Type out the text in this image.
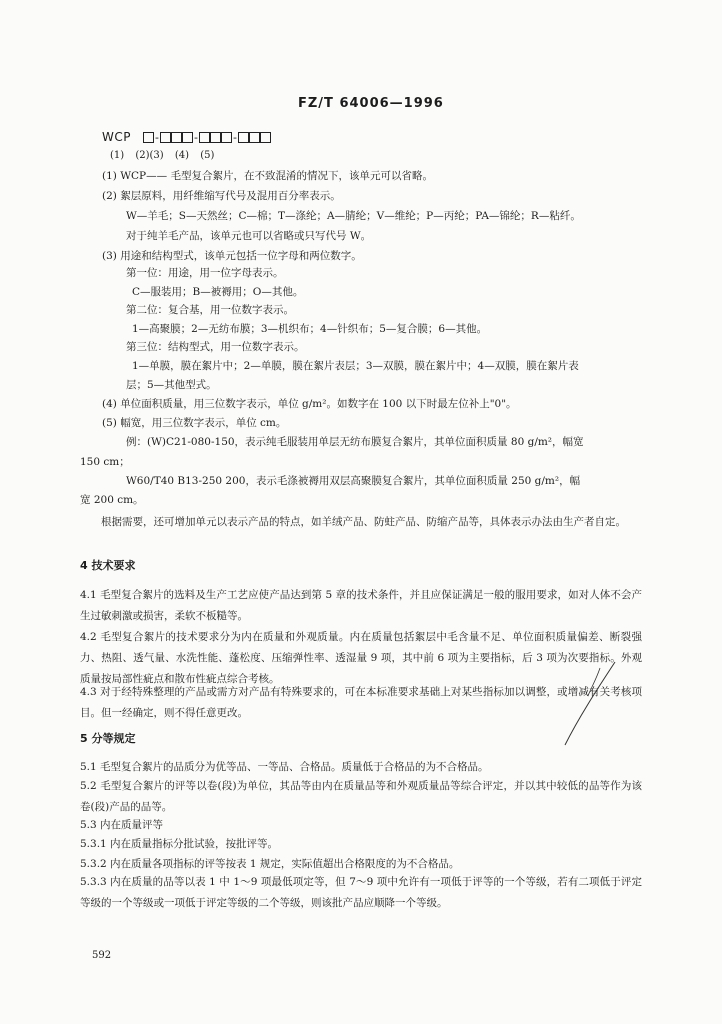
FZ/T 64006—1996
WCP -	-	-
(1) (2)(3) (4) (5)
(1) WCP—— 毛型复合絮片，在不致混淆的情况下，该单元可以省略。
(2) 絮层原料，用纤维缩写代号及混用百分率表示。
W—羊毛；S—天然丝；C—棉；T—涤纶；A—腈纶；V—维纶；P—丙纶；PA—锦纶；R—粘纤。
对于纯羊毛产品，该单元也可以省略或只写代号 W。
(3) 用途和结构型式，该单元包括一位字母和两位数字。
第一位：用途，用一位字母表示。
C—服装用；B—被褥用；O—其他。
第二位：复合基，用一位数字表示。
1—高聚膜；2—无纺布膜；3—机织布；4—针织布；5—复合膜；6—其他。
第三位：结构型式，用一位数字表示。
1—单膜，膜在絮片中；2—单膜，膜在絮片表层；3—双膜，膜在絮片中；4—双膜，膜在絮片表
层；5—其他型式。
(4) 单位面积质量，用三位数字表示，单位 g/m²。如数字在 100 以下时最左位补上"0"。
(5) 幅宽，用三位数字表示，单位 cm。
例：(W)C21-080-150，表示纯毛服装用单层无纺布膜复合絮片，其单位面积质量 80 g/m²，幅宽
150 cm；
W60/T40 B13-250 200，表示毛涤被褥用双层高聚膜复合絮片，其单位面积质量 250 g/m²，幅
宽 200 cm。
根据需要，还可增加单元以表示产品的特点，如羊绒产品、防蛀产品、防缩产品等，具体表示办法由生产者自定。
4 技术要求
4.1 毛型复合絮片的选料及生产工艺应使产品达到第 5 章的技术条件，并且应保证满足一般的服用要求，如对人体不会产生过敏刺激或损害，柔软不板糙等。
4.2 毛型复合絮片的技术要求分为内在质量和外观质量。内在质量包括絮层中毛含量不足、单位面积质量偏差、断裂强力、热阻、透气量、水洗性能、蓬松度、压缩弹性率、透湿量 9 项，其中前 6 项为主要指标，后 3 项为次要指标。外观质量按局部性疵点和散布性疵点综合考核。
4.3 对于经特殊整理的产品或需方对产品有特殊要求的，可在本标准要求基础上对某些指标加以调整，或增减有关考核项目。但一经确定，则不得任意更改。
5 分等规定
5.1 毛型复合絮片的品质分为优等品、一等品、合格品。质量低于合格品的为不合格品。
5.2 毛型复合絮片的评等以卷(段)为单位，其品等由内在质量品等和外观质量品等综合评定，并以其中较低的品等作为该卷(段)产品的品等。
5.3 内在质量评等
5.3.1 内在质量指标分批试验，按批评等。
5.3.2 内在质量各项指标的评等按表 1 规定，实际值超出合格限度的为不合格品。
5.3.3 内在质量的品等以表 1 中 1～9 项最低项定等，但 7～9 项中允许有一项低于评等的一个等级，若有二项低于评定等级的一个等级或一项低于评定等级的二个等级，则该批产品应顺降一个等级。
592
